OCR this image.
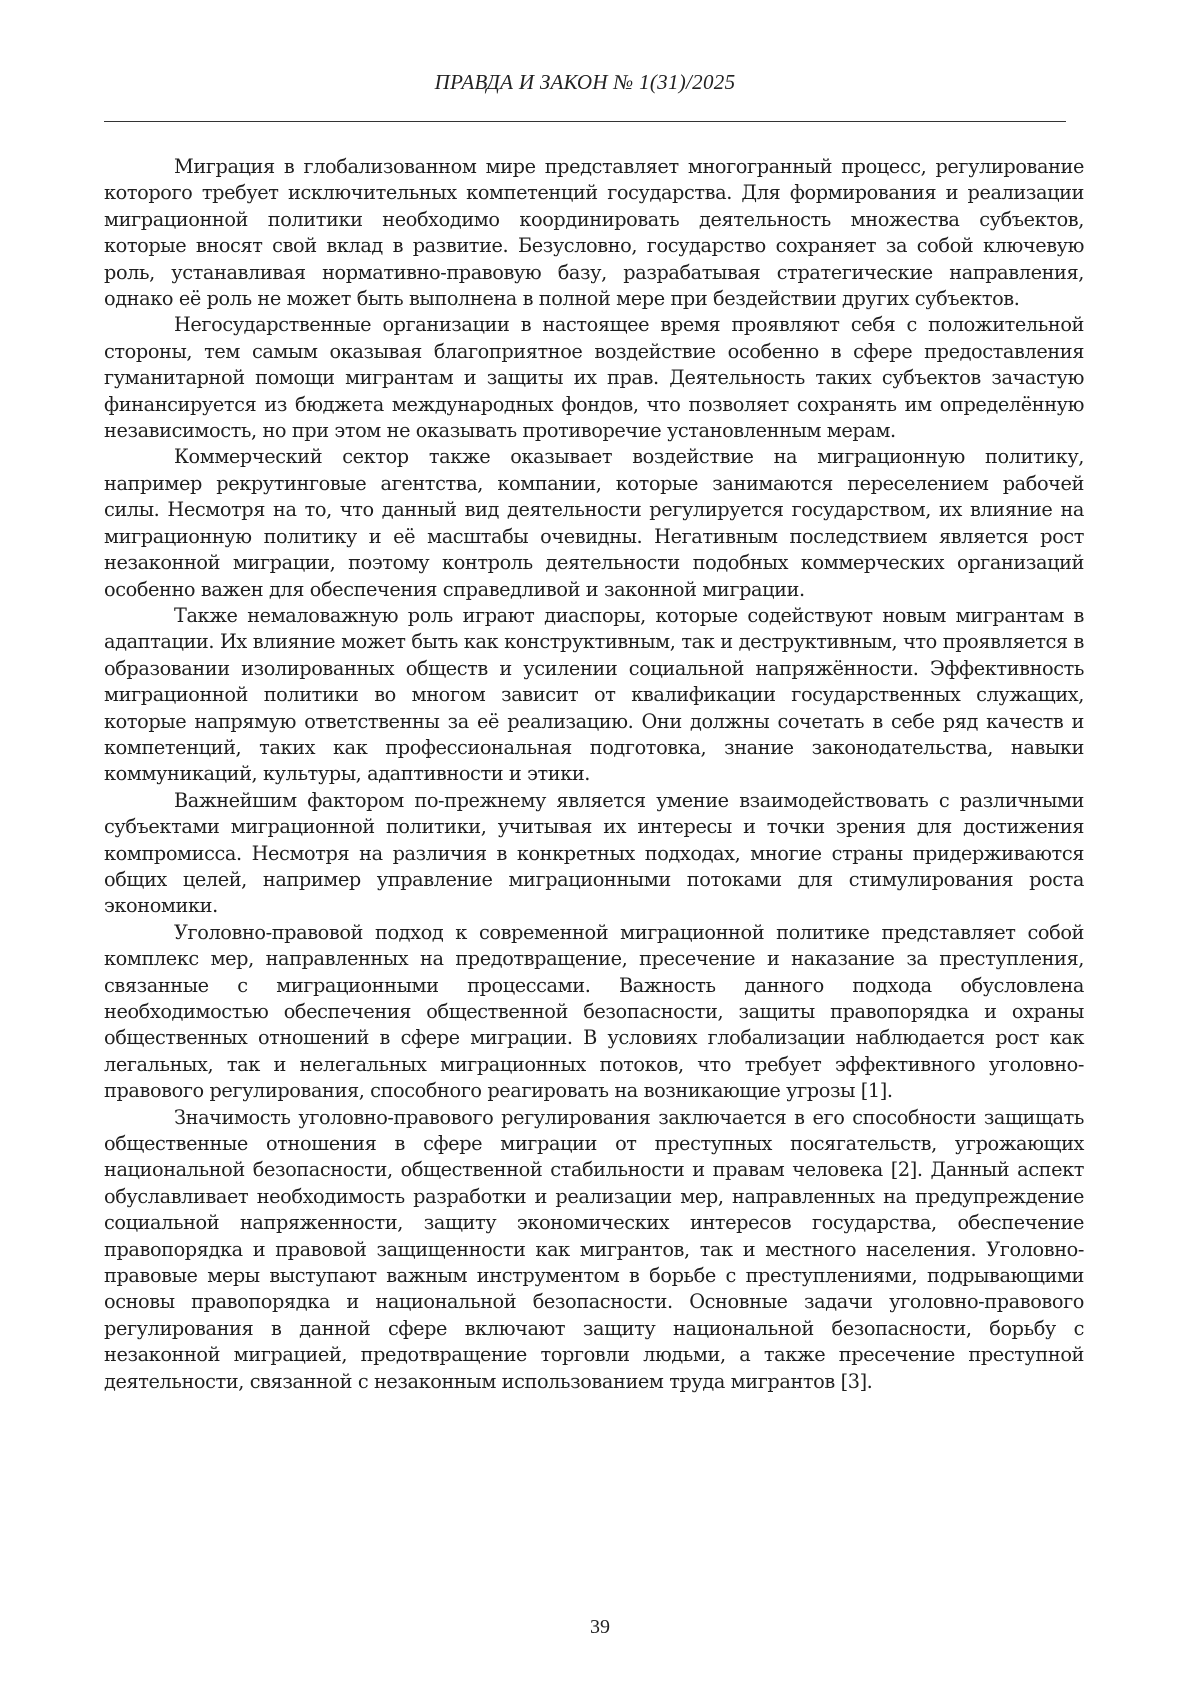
ПРАВДА И ЗАКОН № 1(31)/2025

Миграция в глобализованном мире представляет многогранный процесс, регулирование которого требует исключительных компетенций государства. Для формирования и реализации миграционной политики необходимо координировать деятельность множества субъектов, которые вносят свой вклад в развитие. Безусловно, государство сохраняет за собой ключевую роль, устанавливая нормативно-правовую базу, разрабатывая стратегические направления, однако её роль не может быть выполнена в полной мере при бездействии других субъектов.

Негосударственные организации в настоящее время проявляют себя с положительной стороны, тем самым оказывая благоприятное воздействие особенно в сфере предоставления гуманитарной помощи мигрантам и защиты их прав. Деятельность таких субъектов зачастую финансируется из бюджета международных фондов, что позволяет сохранять им определённую независимость, но при этом не оказывать противоречие установленным мерам.

Коммерческий сектор также оказывает воздействие на миграционную политику, например рекрутинговые агентства, компании, которые занимаются переселением рабочей силы. Несмотря на то, что данный вид деятельности регулируется государством, их влияние на миграционную политику и её масштабы очевидны. Негативным последствием является рост незаконной миграции, поэтому контроль деятельности подобных коммерческих организаций особенно важен для обеспечения справедливой и законной миграции.

Также немаловажную роль играют диаспоры, которые содействуют новым мигрантам в адаптации. Их влияние может быть как конструктивным, так и деструктивным, что проявляется в образовании изолированных обществ и усилении социальной напряжённости. Эффективность миграционной политики во многом зависит от квалификации государственных служащих, которые напрямую ответственны за её реализацию. Они должны сочетать в себе ряд качеств и компетенций, таких как профессиональная подготовка, знание законодательства, навыки коммуникаций, культуры, адаптивности и этики.

Важнейшим фактором по-прежнему является умение взаимодействовать с различными субъектами миграционной политики, учитывая их интересы и точки зрения для достижения компромисса. Несмотря на различия в конкретных подходах, многие страны придерживаются общих целей, например управление миграционными потоками для стимулирования роста экономики.

Уголовно-правовой подход к современной миграционной политике представляет собой комплекс мер, направленных на предотвращение, пресечение и наказание за преступления, связанные с миграционными процессами. Важность данного подхода обусловлена необходимостью обеспечения общественной безопасности, защиты правопорядка и охраны общественных отношений в сфере миграции. В условиях глобализации наблюдается рост как легальных, так и нелегальных миграционных потоков, что требует эффективного уголовно-правового регулирования, способного реагировать на возникающие угрозы [1].

Значимость уголовно-правового регулирования заключается в его способности защищать общественные отношения в сфере миграции от преступных посягательств, угрожающих национальной безопасности, общественной стабильности и правам человека [2]. Данный аспект обуславливает необходимость разработки и реализации мер, направленных на предупреждение социальной напряженности, защиту экономических интересов государства, обеспечение правопорядка и правовой защищенности как мигрантов, так и местного населения. Уголовно-правовые меры выступают важным инструментом в борьбе с преступлениями, подрывающими основы правопорядка и национальной безопасности. Основные задачи уголовно-правового регулирования в данной сфере включают защиту национальной безопасности, борьбу с незаконной миграцией, предотвращение торговли людьми, а также пресечение преступной деятельности, связанной с незаконным использованием труда мигрантов [3].

39
